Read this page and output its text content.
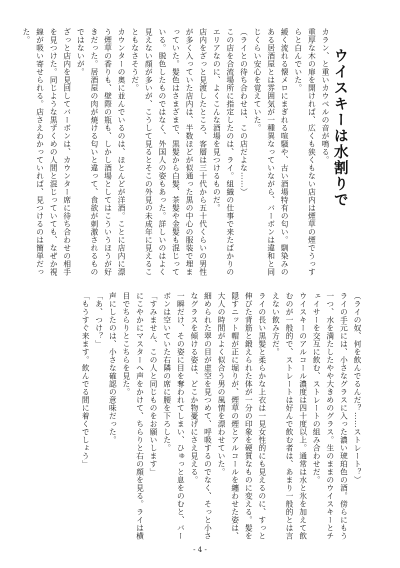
ウイスキーは水割りで

カラン、と重いカウベルの音が鳴る。

重厚な木の扉を開ければ、広くも狭くもない店内は煙草の煙でうっすらと白んでいた。

緩く流れる懐メロにまぎれる喧騒や、古い酒場特有の匂い。馴染みのある居酒屋とは雰囲気が一種異なっていながら、バーボンは違和と同じくらい安心を覚えていた。

（ライとの待ち合わせは、この店だよな……）

この店を合流場所に指定したのは、ライ。組織の仕事で来たばかりのエリアなのに、よくこんな酒場を見つけるものだ。

店内をざっと見渡したところ、客層は三十代から五十代くらいの男性が多く入っていた店内は、半数ほどが似通った黒の中心の服装で埋まっていた。髪色はさまざまで、黒髪から白髪、茶髪や金髪も混じっている。脱色したものではなく、外国人の姿もあった。詳しいのはよく見えない顔が多いが、こうして見るとそこの外見の未成年に見えることもなさそうだ。

カウンターの奥に並んでいるのは、ほとんどが洋酒。ことに店内に漂う煙草の香りも、壁際の瓶も、しかし酒場としてはこういうほうが好きだった。居酒屋の肉が焼ける匂いと違って、食欲が刺激されるものではないが。

ざっと店内を見回してバーボンは、カウンター席に待ち合わせの相手を見つけた。同じような黒ずくめの人間と混じっていても、なぜか視線が吸い寄せられる。店さえわかっていれば、見つけるのは簡単だった。

（ライの奴、何を飲んでるんだ？……ストレート？）

ライの手元には、小さなグラスに入った濃い琥珀色の酒。傍らにもう一つ、水を満たしたやや大きめのグラス。生のままのウイスキーとチェイサーを交互に飲む、ストレートの組み合わせだ。

ウイスキーのアルコール濃度は四十度以上。通常は水と氷を加えて飲むのが一般的で、ストレートは好んで飲む者は、あまり一般的とは言えない飲み方だ。

ライの長い黒髪と柔らかな上衣は一見女性的にも見えるのに、すっと伸びた背筋と鍛えられた体が一分の印象を硬質なものに変える。髪を隠すニット帽が正に堀りが、煙草の煙とアルコールを纏わせた姿は、大人の時間がよく似合う男の風情を漂わせていた。

細められた翠の目が虚空を見つめて、呼吸するのでなく、そっと小さなグラスを傾ける姿は、どこか物憂げにさえ見える。

一瞬だけ、その姿に目を奪われてしまい、ひゅっと息をのむと、バーボンは空いていた右隣の席に腰を下ろした。

「すみません、この人と同じものをお願いします」

にこやかにマスターへ声をかけて、ちらりと右の顔を見る。ライは横目でちらりとこちらを見た。

声にしたのは、小さな確認の意味だった。

「あ、つけ？」

「もうすぐ来ます。飲んでる間に着くでしょう」

- 4 -
